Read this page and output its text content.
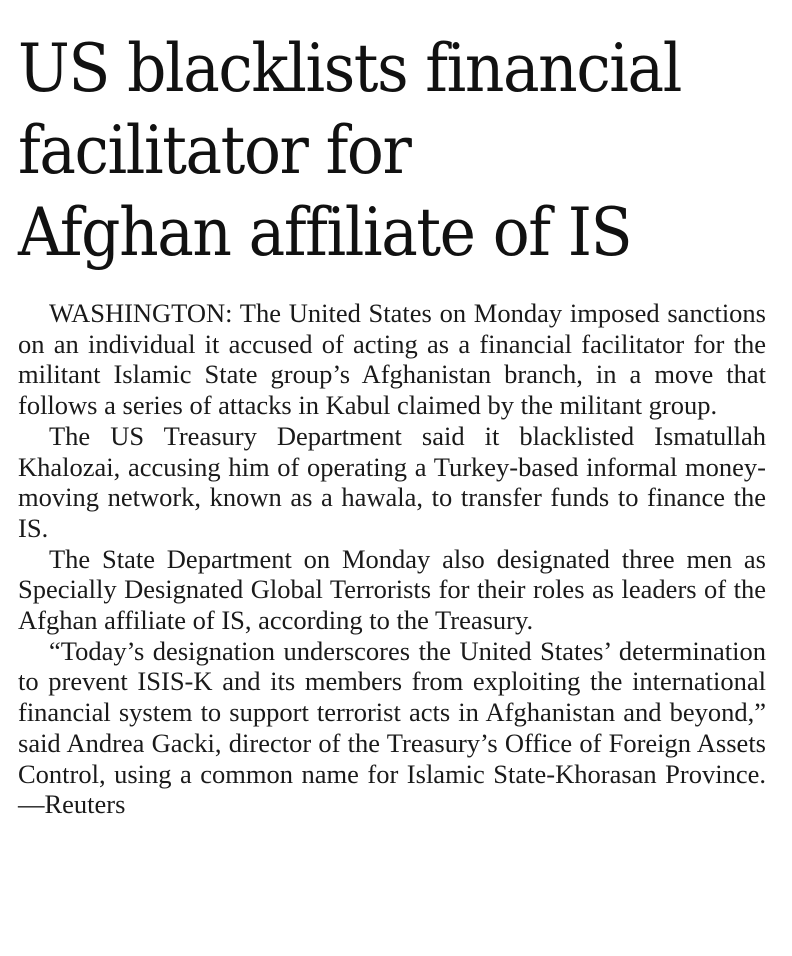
US blacklists financial
facilitator for
Afghan affiliate of IS

WASHINGTON: The United States on Monday imposed sanctions on an individual it accused of acting as a financial facilitator for the militant Islamic State group’s Afghanistan branch, in a move that follows a series of attacks in Kabul claimed by the militant group.

The US Treasury Department said it blacklisted Ismatullah Khalozai, accusing him of operating a Turkey-based informal money-moving network, known as a hawala, to transfer funds to finance the IS.

The State Department on Monday also designated three men as Specially Designated Global Terrorists for their roles as leaders of the Afghan affiliate of IS, according to the Treasury.

“Today’s designation underscores the United States’ determination to prevent ISIS-K and its members from exploiting the international financial system to support terrorist acts in Afghanistan and beyond,” said Andrea Gacki, director of the Treasury’s Office of Foreign Assets Control, using a common name for Islamic State-Khorasan Province.—Reuters
